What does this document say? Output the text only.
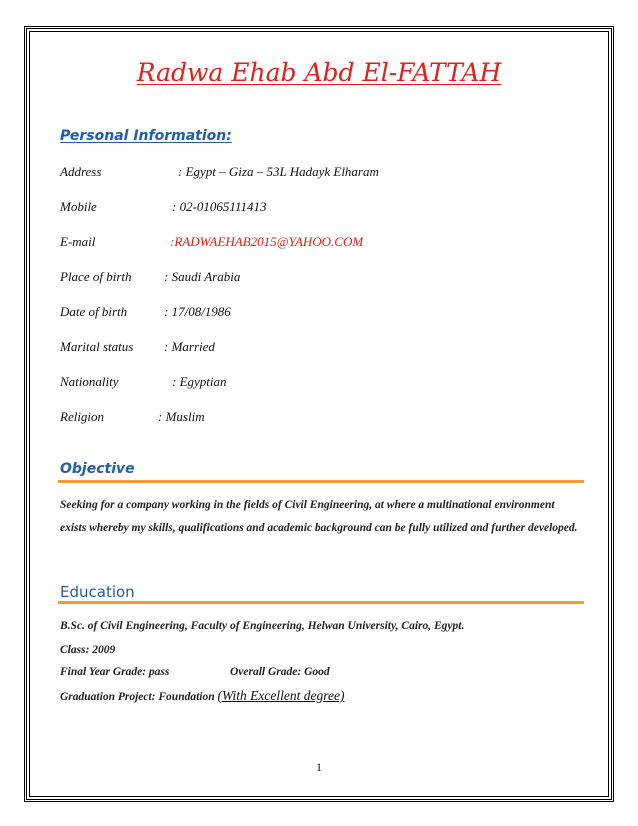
Radwa Ehab Abd El-FATTAH
Personal Information:
Address	: Egypt – Giza – 53L Hadayk Elharam
Mobile	: 02-01065111413
E-mail	:RADWAEHAB2015@YAHOO.COM
Place of birth	: Saudi Arabia
Date of birth	: 17/08/1986
Marital status : Married
Nationality	: Egyptian
Religion	: Muslim
Objective
Seeking for a company working in the fields of Civil Engineering, at where a multinational environment exists whereby my skills, qualifications and academic background can be fully utilized and further developed.
Education
B.Sc. of Civil Engineering, Faculty of Engineering, Helwan University, Cairo, Egypt.
Class: 2009
Final Year Grade: pass	Overall Grade: Good
Graduation Project: Foundation (With Excellent degree)
1
